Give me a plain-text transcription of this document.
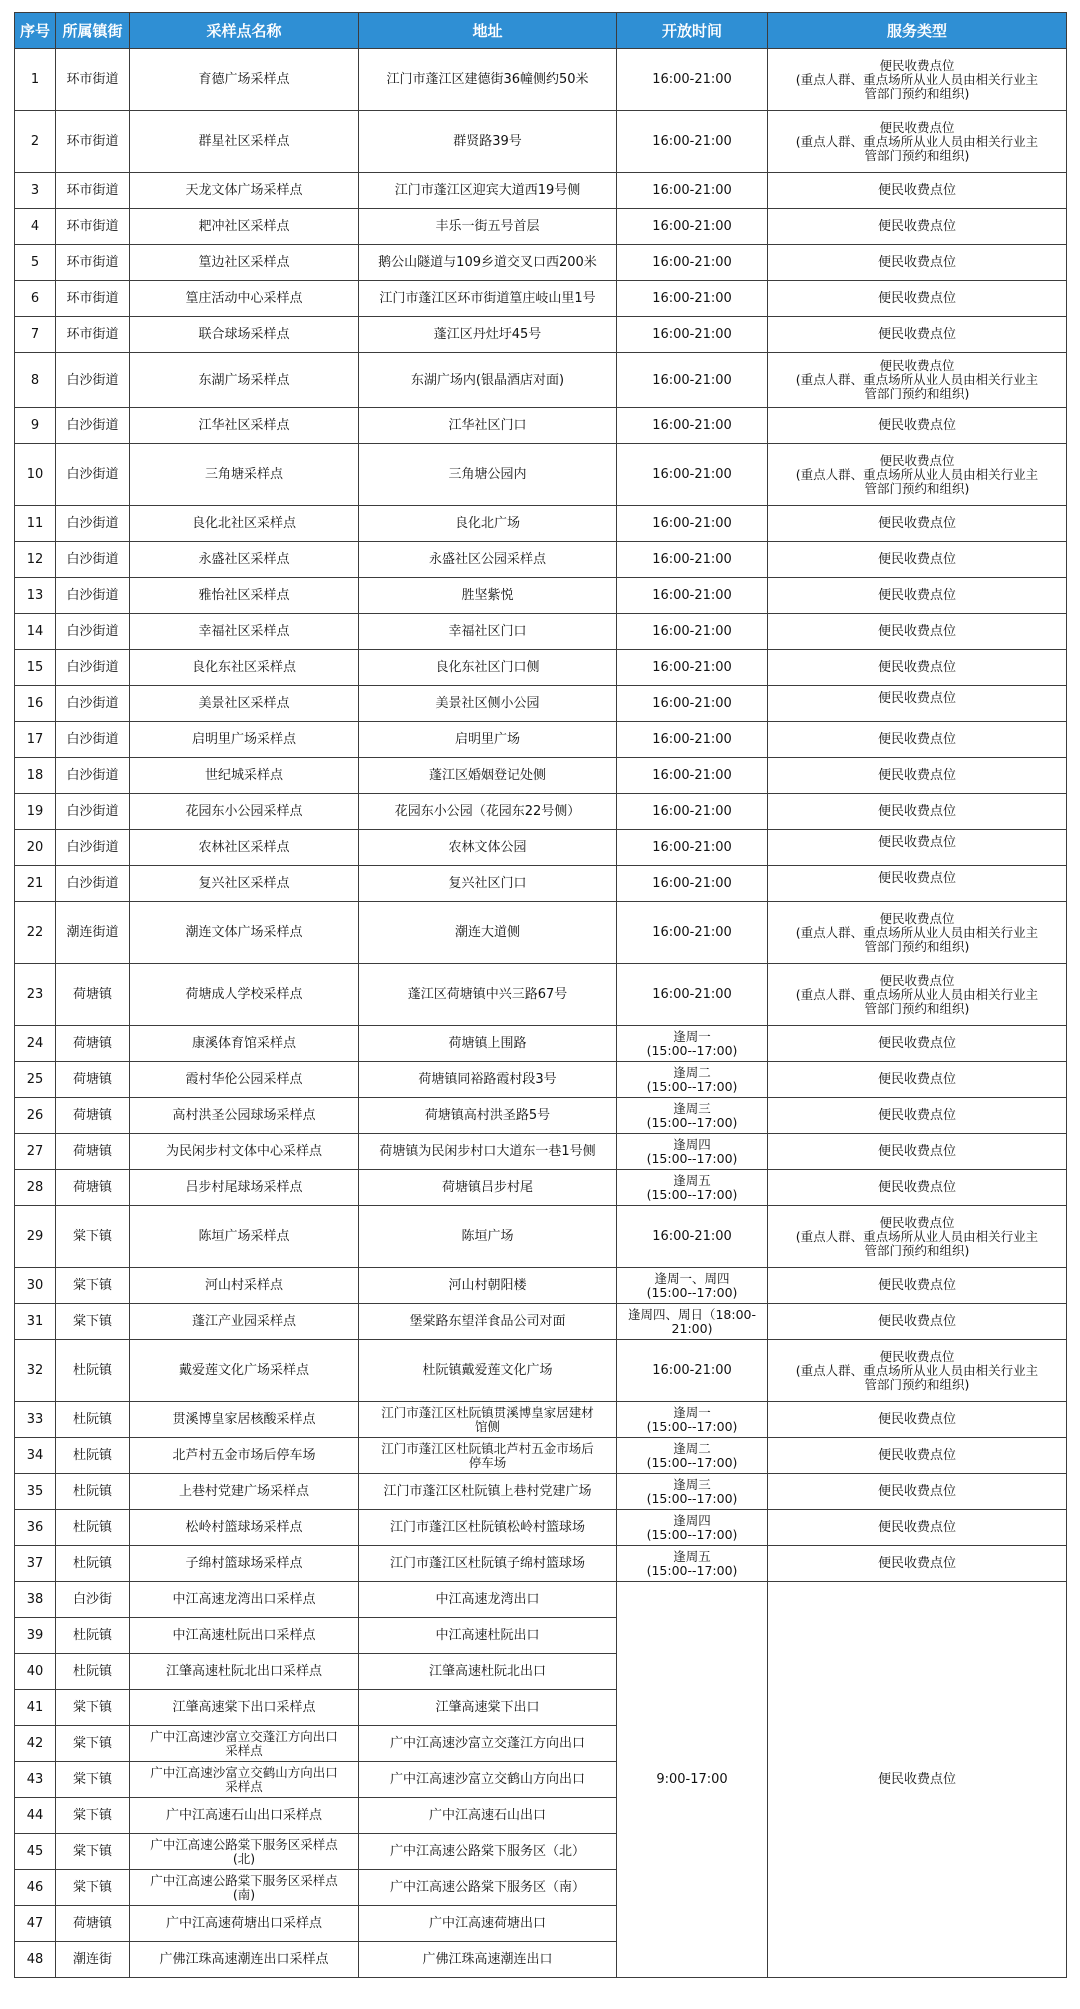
序号	所属镇街	采样点名称	地址	开放时间	服务类型
1	环市街道	育德广场采样点	江门市蓬江区建德街36幢侧约50米	16:00-21:00	便民收费点位
(重点人群、重点场所从业人员由相关行业主
管部门预约和组织)
2	环市街道	群星社区采样点	群贤路39号	16:00-21:00	便民收费点位
(重点人群、重点场所从业人员由相关行业主
管部门预约和组织)
3	环市街道	天龙文体广场采样点	江门市蓬江区迎宾大道西19号侧	16:00-21:00	便民收费点位
4	环市街道	耙冲社区采样点	丰乐一街五号首层	16:00-21:00	便民收费点位
5	环市街道	篁边社区采样点	鹅公山隧道与109乡道交叉口西200米	16:00-21:00	便民收费点位
6	环市街道	篁庄活动中心采样点	江门市蓬江区环市街道篁庄岐山里1号	16:00-21:00	便民收费点位
7	环市街道	联合球场采样点	蓬江区丹灶圩45号	16:00-21:00	便民收费点位
8	白沙街道	东湖广场采样点	东湖广场内(银晶酒店对面)	16:00-21:00	便民收费点位
(重点人群、重点场所从业人员由相关行业主
管部门预约和组织)
9	白沙街道	江华社区采样点	江华社区门口	16:00-21:00	便民收费点位
10	白沙街道	三角塘采样点	三角塘公园内	16:00-21:00	便民收费点位
(重点人群、重点场所从业人员由相关行业主
管部门预约和组织)
11	白沙街道	良化北社区采样点	良化北广场	16:00-21:00	便民收费点位
12	白沙街道	永盛社区采样点	永盛社区公园采样点	16:00-21:00	便民收费点位
13	白沙街道	雅怡社区采样点	胜坚紫悦	16:00-21:00	便民收费点位
14	白沙街道	幸福社区采样点	幸福社区门口	16:00-21:00	便民收费点位
15	白沙街道	良化东社区采样点	良化东社区门口侧	16:00-21:00	便民收费点位
16	白沙街道	美景社区采样点	美景社区侧小公园	16:00-21:00	便民收费点位
17	白沙街道	启明里广场采样点	启明里广场	16:00-21:00	便民收费点位
18	白沙街道	世纪城采样点	蓬江区婚姻登记处侧	16:00-21:00	便民收费点位
19	白沙街道	花园东小公园采样点	花园东小公园（花园东22号侧）	16:00-21:00	便民收费点位
20	白沙街道	农林社区采样点	农林文体公园	16:00-21:00	便民收费点位
21	白沙街道	复兴社区采样点	复兴社区门口	16:00-21:00	便民收费点位
22	潮连街道	潮连文体广场采样点	潮连大道侧	16:00-21:00	便民收费点位
(重点人群、重点场所从业人员由相关行业主
管部门预约和组织)
23	荷塘镇	荷塘成人学校采样点	蓬江区荷塘镇中兴三路67号	16:00-21:00	便民收费点位
(重点人群、重点场所从业人员由相关行业主
管部门预约和组织)
24	荷塘镇	康溪体育馆采样点	荷塘镇上围路	逢周一
(15:00--17:00)	便民收费点位
25	荷塘镇	霞村华伦公园采样点	荷塘镇同裕路霞村段3号	逢周二
(15:00--17:00)	便民收费点位
26	荷塘镇	高村洪圣公园球场采样点	荷塘镇高村洪圣路5号	逢周三
(15:00--17:00)	便民收费点位
27	荷塘镇	为民闲步村文体中心采样点	荷塘镇为民闲步村口大道东一巷1号侧	逢周四
(15:00--17:00)	便民收费点位
28	荷塘镇	吕步村尾球场采样点	荷塘镇吕步村尾	逢周五
(15:00--17:00)	便民收费点位
29	棠下镇	陈垣广场采样点	陈垣广场	16:00-21:00	便民收费点位
(重点人群、重点场所从业人员由相关行业主
管部门预约和组织)
30	棠下镇	河山村采样点	河山村朝阳楼	逢周一、周四
(15:00--17:00)	便民收费点位
31	棠下镇	蓬江产业园采样点	堡棠路东望洋食品公司对面	逢周四、周日（18:00-
21:00)	便民收费点位
32	杜阮镇	戴爱莲文化广场采样点	杜阮镇戴爱莲文化广场	16:00-21:00	便民收费点位
(重点人群、重点场所从业人员由相关行业主
管部门预约和组织)
33	杜阮镇	贯溪博皇家居核酸采样点	江门市蓬江区杜阮镇贯溪博皇家居建材
馆侧	逢周一
(15:00--17:00)	便民收费点位
34	杜阮镇	北芦村五金市场后停车场	江门市蓬江区杜阮镇北芦村五金市场后
停车场	逢周二
(15:00--17:00)	便民收费点位
35	杜阮镇	上巷村党建广场采样点	江门市蓬江区杜阮镇上巷村党建广场	逢周三
(15:00--17:00)	便民收费点位
36	杜阮镇	松岭村篮球场采样点	江门市蓬江区杜阮镇松岭村篮球场	逢周四
(15:00--17:00)	便民收费点位
37	杜阮镇	子绵村篮球场采样点	江门市蓬江区杜阮镇子绵村篮球场	逢周五
(15:00--17:00)	便民收费点位
38	白沙街	中江高速龙湾出口采样点	中江高速龙湾出口	9:00-17:00	便民收费点位
39	杜阮镇	中江高速杜阮出口采样点	中江高速杜阮出口		
40	杜阮镇	江肇高速杜阮北出口采样点	江肇高速杜阮北出口		
41	棠下镇	江肇高速棠下出口采样点	江肇高速棠下出口		
42	棠下镇	广中江高速沙富立交蓬江方向出口
采样点	广中江高速沙富立交蓬江方向出口		
43	棠下镇	广中江高速沙富立交鹤山方向出口
采样点	广中江高速沙富立交鹤山方向出口		
44	棠下镇	广中江高速石山出口采样点	广中江高速石山出口		
45	棠下镇	广中江高速公路棠下服务区采样点
(北)	广中江高速公路棠下服务区（北）		
46	棠下镇	广中江高速公路棠下服务区采样点
(南)	广中江高速公路棠下服务区（南）		
47	荷塘镇	广中江高速荷塘出口采样点	广中江高速荷塘出口		
48	潮连街	广佛江珠高速潮连出口采样点	广佛江珠高速潮连出口		
